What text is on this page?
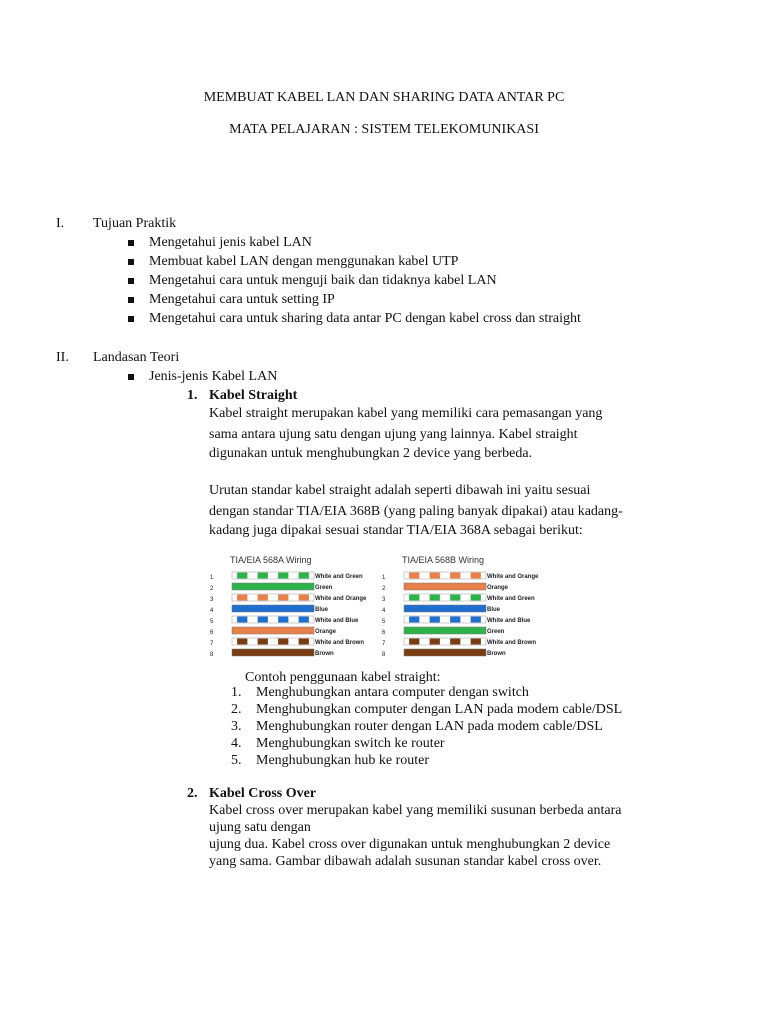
MEMBUAT KABEL LAN DAN SHARING DATA ANTAR PC
MATA PELAJARAN : SISTEM TELEKOMUNIKASI
I. Tujuan Praktik
Mengetahui jenis kabel LAN
Membuat kabel LAN dengan menggunakan kabel UTP
Mengetahui cara untuk menguji baik dan tidaknya kabel LAN
Mengetahui cara untuk setting IP
Mengetahui cara untuk sharing data antar PC dengan kabel cross dan straight
II. Landasan Teori
Jenis-jenis Kabel LAN
1. Kabel Straight
Kabel straight merupakan kabel yang memiliki cara pemasangan yang
sama antara ujung satu dengan ujung yang lainnya. Kabel straight
digunakan untuk menghubungkan 2 device yang berbeda.
Urutan standar kabel straight adalah seperti dibawah ini yaitu sesuai
dengan standar TIA/EIA 368B (yang paling banyak dipakai) atau kadang-
kadang juga dipakai sesuai standar TIA/EIA 368A sebagai berikut:
TIA/EIA 568A Wiring
1	White and Green
2	Green
3	White and Orange
4	Blue
5	White and Blue
6	Orange
7	White and Brown
8	Brown
TIA/EIA 568B Wiring
1	White and Orange
2	Orange
3	White and Green
4	Blue
5	White and Blue
6	Green
7	White and Brown
8	Brown
Contoh penggunaan kabel straight:
1. Menghubungkan antara computer dengan switch
2. Menghubungkan computer dengan LAN pada modem cable/DSL
3. Menghubungkan router dengan LAN pada modem cable/DSL
4. Menghubungkan switch ke router
5. Menghubungkan hub ke router
2. Kabel Cross Over
Kabel cross over merupakan kabel yang memiliki susunan berbeda antara
ujung satu dengan
ujung dua. Kabel cross over digunakan untuk menghubungkan 2 device
yang sama. Gambar dibawah adalah susunan standar kabel cross over.
